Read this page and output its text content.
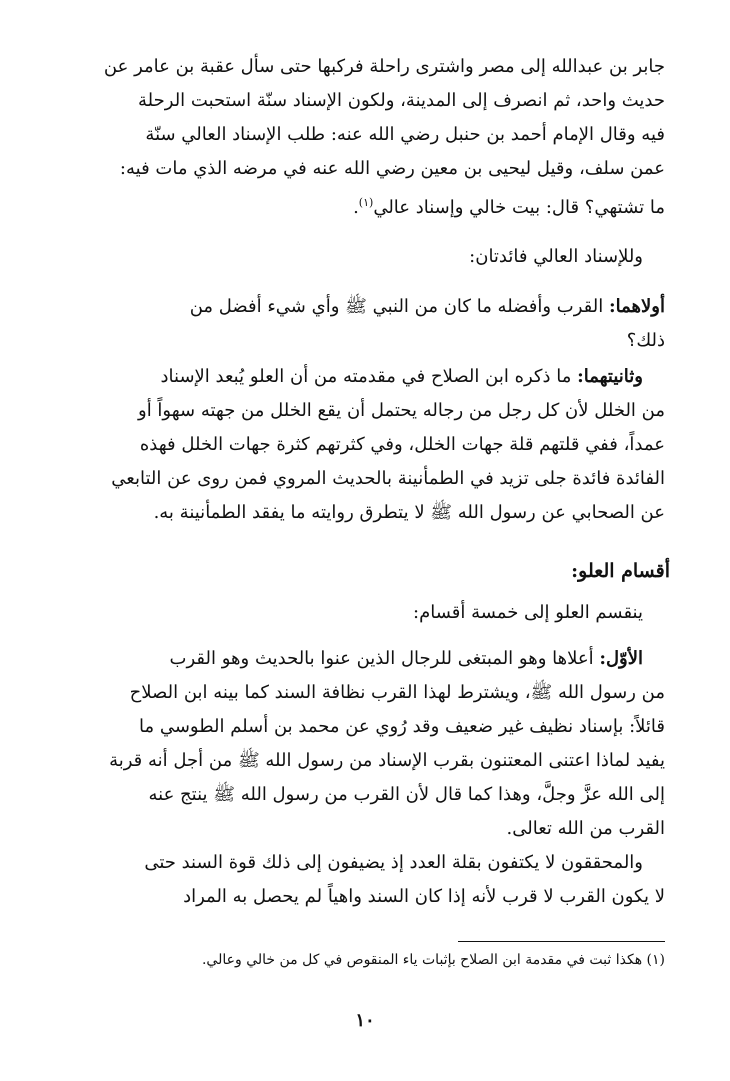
جابر بن عبدالله إلى مصر واشترى راحلة فركبها حتى سأل عقبة بن عامر عن
حديث واحد، ثم انصرف إلى المدينة، ولكون الإسناد سنّة استحبت الرحلة
فيه وقال الإمام أحمد بن حنبل رضي الله عنه: طلب الإسناد العالي سنّة
عمن سلف، وقيل ليحيى بن معين رضي الله عنه في مرضه الذي مات فيه:
ما تشتهي؟ قال: بيت خالي وإسناد عالي$^{(١)}$.
وللإسناد العالي فائدتان:
أولاهما: القرب وأفضله ما كان من النبي ﷺ وأي شيء أفضل من
ذلك؟
وثانيتهما: ما ذكره ابن الصلاح في مقدمته من أن العلو يُبعد الإسناد
من الخلل لأن كل رجل من رجاله يحتمل أن يقع الخلل من جهته سهواً أو
عمداً، ففي قلتهم قلة جهات الخلل، وفي كثرتهم كثرة جهات الخلل فهذه
الفائدة فائدة جلى تزيد في الطمأنينة بالحديث المروي فمن روى عن التابعي
عن الصحابي عن رسول الله ﷺ لا يتطرق روايته ما يفقد الطمأنينة به.
أقسام العلو:
ينقسم العلو إلى خمسة أقسام:
الأوّل: أعلاها وهو المبتغى للرجال الذين عنوا بالحديث وهو القرب
من رسول الله ﷺ، ويشترط لهذا القرب نظافة السند كما بينه ابن الصلاح
قائلاً: بإسناد نظيف غير ضعيف وقد رُوي عن محمد بن أسلم الطوسي ما
يفيد لماذا اعتنى المعتنون بقرب الإسناد من رسول الله ﷺ من أجل أنه قربة
إلى الله عزَّ وجلَّ، وهذا كما قال لأن القرب من رسول الله ﷺ ينتج عنه
القرب من الله تعالى.
والمحققون لا يكتفون بقلة العدد إذ يضيفون إلى ذلك قوة السند حتى
لا يكون القرب لا قرب لأنه إذا كان السند واهياً لم يحصل به المراد
(١) هكذا ثبت في مقدمة ابن الصلاح بإثبات ياء المنقوص في كل من خالي وعالي.
١٠
